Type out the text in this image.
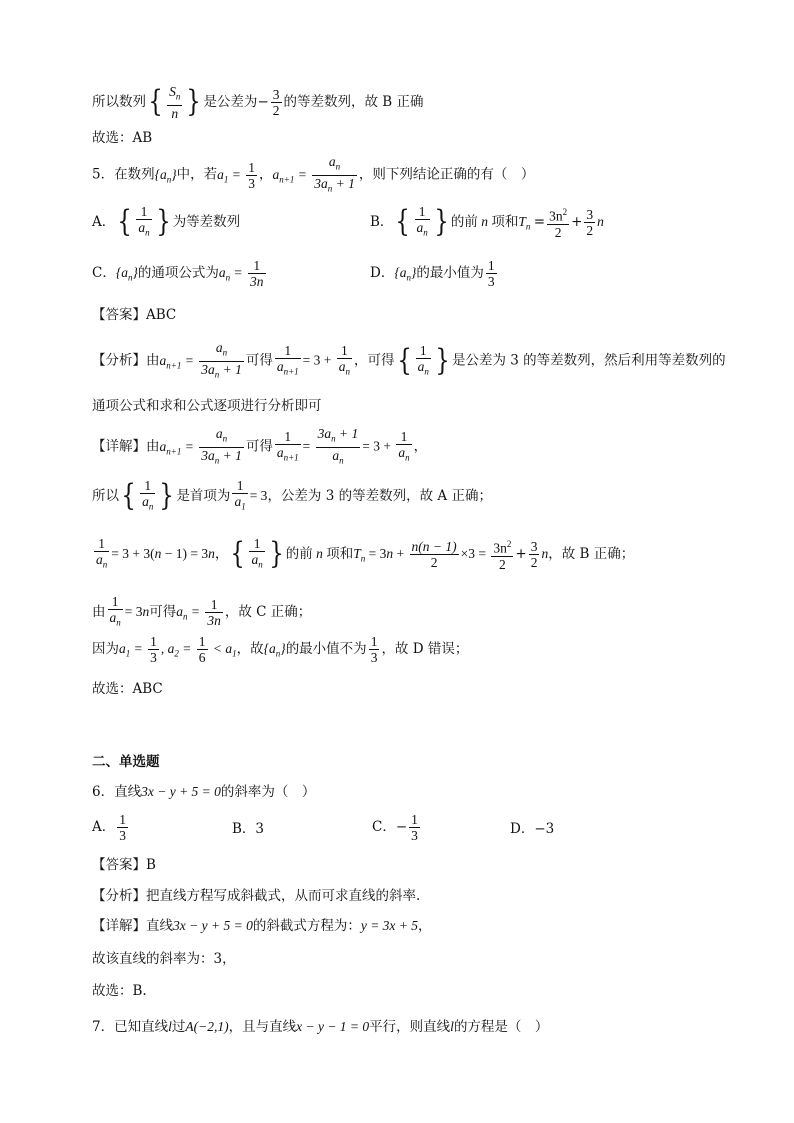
所以数列{ $\frac{S_n}{n}$ } 是公差为− $\frac{3}{2}$ 的等差数列，故 B 正确
故选：AB
5．在数列$\{a_n\}$中，若$a_1 = \frac{1}{3}$ ，$a_{n+1} = \frac{a_n}{3a_n + 1}$ ，则下列结论正确的有（　）
A．{ $\frac{1}{a_n}$ } 为等差数列	B．{ $\frac{1}{a_n}$ } 的前 n 项和$T_n = \frac{3n^2}{2} + \frac{3}{2}$ n
C．$\{a_n\}$的通项公式为$a_n = \frac{1}{3n}$	D．$\{a_n\}$的最小值为 $\frac{1}{3}$
【答案】ABC
【分析】由$a_{n+1} = \frac{a_n}{3a_n + 1}$ 可得 $\frac{1}{a_{n+1}} = 3 + \frac{1}{a_n}$ ，可得{ $\frac{1}{a_n}$ } 是公差为 3 的等差数列，然后利用等差数列的
通项公式和求和公式逐项进行分析即可
【详解】由$a_{n+1} = \frac{a_n}{3a_n + 1}$ 可得 $\frac{1}{a_{n+1}} = \frac{3a_n + 1}{a_n} = 3 + \frac{1}{a_n}$ ，
所以{ $\frac{1}{a_n}$ } 是首项为 $\frac{1}{a_1} = 3$，公差为 3 的等差数列，故 A 正确；
$\frac{1}{a_n} = 3 + 3(n - 1) = 3n$，{ $\frac{1}{a_n}$ } 的前 n 项和$T_n = 3n + \frac{n(n - 1)}{2} \times 3 = \frac{3n^2}{2} + \frac{3}{2}$ n，故 B 正确；
由 $\frac{1}{a_n} = 3n$可得$a_n = \frac{1}{3n}$ ，故 C 正确；
因为$a_1 = \frac{1}{3}$ , $a_2 = \frac{1}{6} < a_1$，故$\{a_n\}$的最小值不为 $\frac{1}{3}$ ，故 D 错误；
故选：ABC
二、单选题
6．直线3x − y + 5 = 0的斜率为（　）
A． $\frac{1}{3}$	B．3	C．− $\frac{1}{3}$	D．−3
【答案】B
【分析】把直线方程写成斜截式，从而可求直线的斜率.
【详解】直线3x − y + 5 = 0的斜截式方程为：y = 3x + 5，
故该直线的斜率为：3，
故选：B.
7．已知直线l过A(−2,1)，且与直线x − y − 1 = 0平行，则直线l的方程是（　）
